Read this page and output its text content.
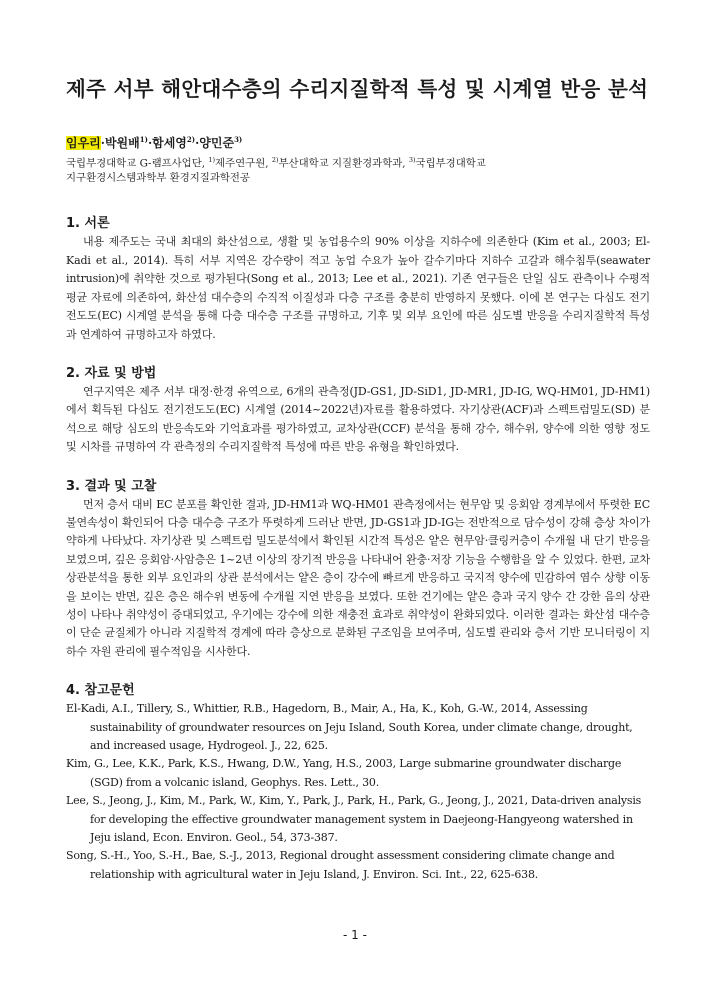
제주 서부 해안대수층의 수리지질학적 특성 및 시계열 반응 분석

임우리·박원배$^{1)}$·함세영$^{2)}$·양민준$^{3)}$

국립부경대학교 G-램프사업단, $^{1)}$제주연구원, $^{2)}$부산대학교 지질환경과학과, $^{3)}$국립부경대학교

지구환경시스템과학부 환경지질과학전공

1. 서론

내용 제주도는 국내 최대의 화산섬으로, 생활 및 농업용수의 90% 이상을 지하수에 의존한다 (Kim et al., 2003; El-Kadi et al., 2014). 특히 서부 지역은 강수량이 적고 농업 수요가 높아 갈수기마다 지하수 고갈과 해수침투(seawater intrusion)에 취약한 것으로 평가된다(Song et al., 2013; Lee et al., 2021). 기존 연구들은 단일 심도 관측이나 수평적 평균 자료에 의존하여, 화산섬 대수층의 수직적 이질성과 다층 구조를 충분히 반영하지 못했다. 이에 본 연구는 다심도 전기전도도(EC) 시계열 분석을 통해 다층 대수층 구조를 규명하고, 기후 및 외부 요인에 따른 심도별 반응을 수리지질학적 특성과 연계하여 규명하고자 하였다.

2. 자료 및 방법

연구지역은 제주 서부 대정·한경 유역으로, 6개의 관측정(JD-GS1, JD-SiD1, JD-MR1, JD-IG, WQ-HM01, JD-HM1)에서 획득된 다심도 전기전도도(EC) 시계열 (2014~2022년)자료를 활용하였다. 자기상관(ACF)과 스펙트럼밀도(SD) 분석으로 해당 심도의 반응속도와 기억효과를 평가하였고, 교차상관(CCF) 분석을 통해 강수, 해수위, 양수에 의한 영향 정도 및 시차를 규명하여 각 관측정의 수리지질학적 특성에 따른 반응 유형을 확인하였다.

3. 결과 및 고찰

먼저 층서 대비 EC 분포를 확인한 결과, JD-HM1과 WQ-HM01 관측정에서는 현무암 및 응회암 경계부에서 뚜렷한 EC 불연속성이 확인되어 다층 대수층 구조가 뚜렷하게 드러난 반면, JD-GS1과 JD-IG는 전반적으로 담수성이 강해 층상 차이가 약하게 나타났다. 자기상관 및 스펙트럼 밀도분석에서 확인된 시간적 특성은 얕은 현무암·클링커층이 수개월 내 단기 반응을 보였으며, 깊은 응회암·사암층은 1~2년 이상의 장기적 반응을 나타내어 완충·저장 기능을 수행함을 알 수 있었다. 한편, 교차상관분석을 통한 외부 요인과의 상관 분석에서는 얕은 층이 강수에 빠르게 반응하고 국지적 양수에 민감하여 염수 상향 이동을 보이는 반면, 깊은 층은 해수위 변동에 수개월 지연 반응을 보였다. 또한 건기에는 얕은 층과 국지 양수 간 강한 음의 상관성이 나타나 취약성이 증대되었고, 우기에는 강수에 의한 재충전 효과로 취약성이 완화되었다. 이러한 결과는 화산섬 대수층이 단순 균질체가 아니라 지질학적 경계에 따라 층상으로 분화된 구조임을 보여주며, 심도별 관리와 층서 기반 모니터링이 지하수 자원 관리에 필수적임을 시사한다.

4. 참고문헌

El-Kadi, A.I., Tillery, S., Whittier, R.B., Hagedorn, B., Mair, A., Ha, K., Koh, G.-W., 2014, Assessing sustainability of groundwater resources on Jeju Island, South Korea, under climate change, drought, and increased usage, Hydrogeol. J., 22, 625.

Kim, G., Lee, K.K., Park, K.S., Hwang, D.W., Yang, H.S., 2003, Large submarine groundwater discharge (SGD) from a volcanic island, Geophys. Res. Lett., 30.

Lee, S., Jeong, J., Kim, M., Park, W., Kim, Y., Park, J., Park, H., Park, G., Jeong, J., 2021, Data-driven analysis for developing the effective groundwater management system in Daejeong-Hangyeong watershed in Jeju island, Econ. Environ. Geol., 54, 373-387.

Song, S.-H., Yoo, S.-H., Bae, S.-J., 2013, Regional drought assessment considering climate change and relationship with agricultural water in Jeju Island, J. Environ. Sci. Int., 22, 625-638.

- 1 -
